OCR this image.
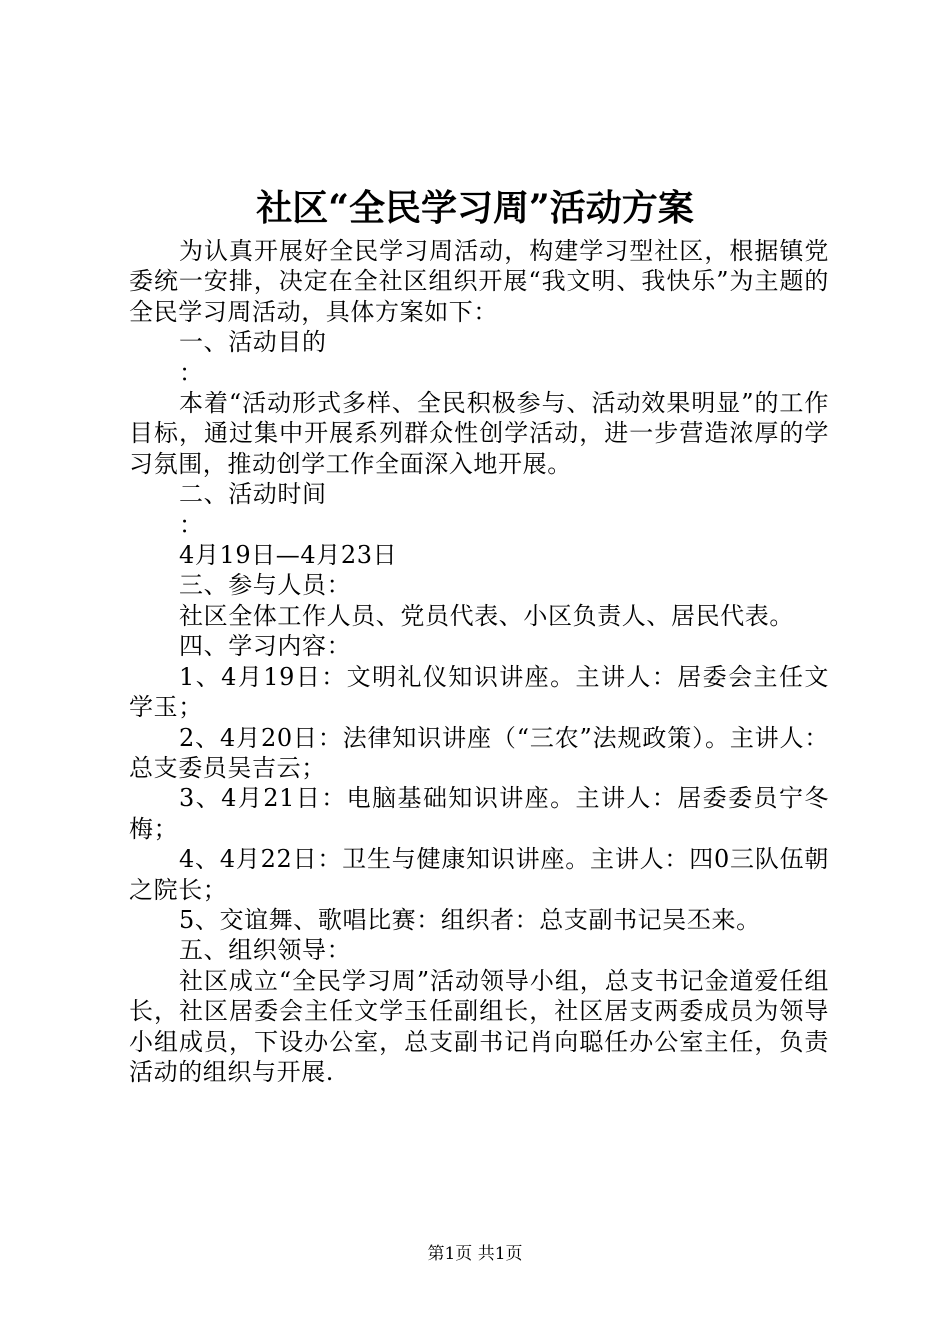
社区“全民学习周”活动方案

为认真开展好全民学习周活动，构建学习型社区，根据镇党委统一安排，决定在全社区组织开展“我文明、我快乐”为主题的全民学习周活动，具体方案如下：

一、活动目的

：

本着“活动形式多样、全民积极参与、活动效果明显”的工作目标，通过集中开展系列群众性创学活动，进一步营造浓厚的学习氛围，推动创学工作全面深入地开展。

二、活动时间

：

4月19日—4月23日

三、参与人员：

社区全体工作人员、党员代表、小区负责人、居民代表。

四、学习内容：

1、4月19日：文明礼仪知识讲座。主讲人：居委会主任文学玉；

2、4月20日：法律知识讲座（“三农”法规政策）。主讲人：总支委员吴吉云；

3、4月21日：电脑基础知识讲座。主讲人：居委委员宁冬梅；

4、4月22日：卫生与健康知识讲座。主讲人：四0三队伍朝之院长；

5、交谊舞、歌唱比赛：组织者：总支副书记吴丕来。

五、组织领导：

社区成立“全民学习周”活动领导小组，总支书记金道爱任组长，社区居委会主任文学玉任副组长，社区居支两委成员为领导小组成员，下设办公室，总支副书记肖向聪任办公室主任，负责活动的组织与开展.

第1页 共1页
